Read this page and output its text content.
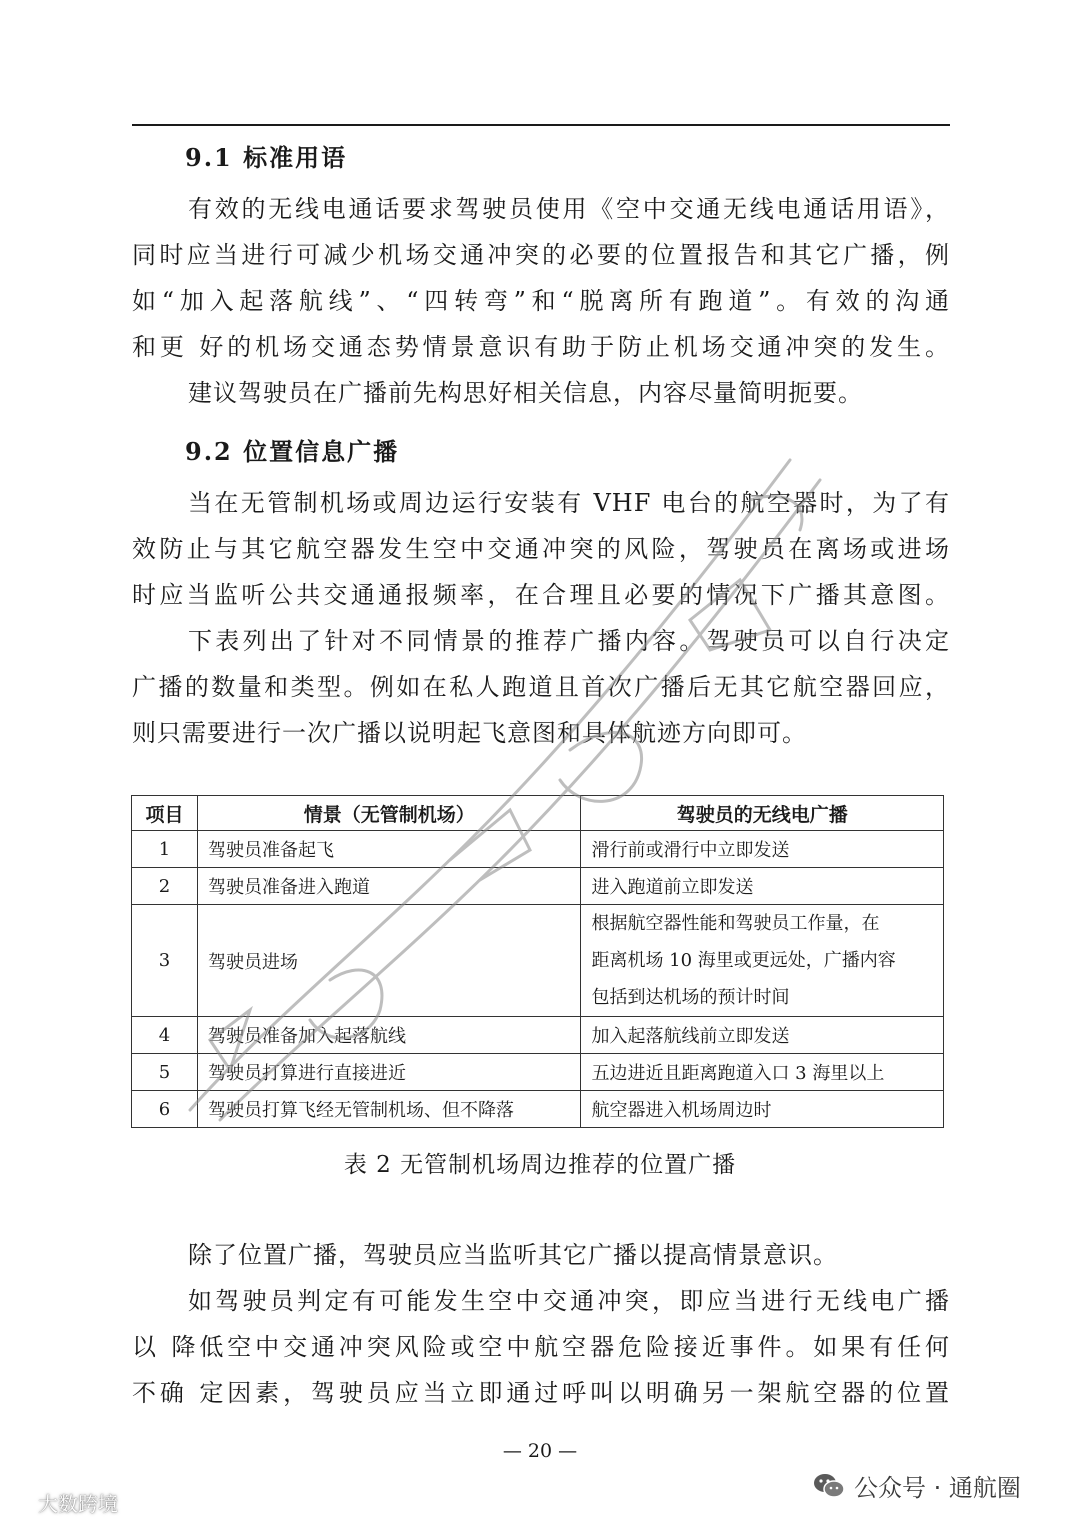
9.1 标准用语
有效的无线电通话要求驾驶员使用《空中交通无线电通话用语》，
同时应当进行可减少机场交通冲突的必要的位置报告和其它广播，例
如“加入起落航线”、“四转弯”和“脱离所有跑道”。有效的沟通
和更 好的机场交通态势情景意识有助于防止机场交通冲突的发生。
建议驾驶员在广播前先构思好相关信息，内容尽量简明扼要。
9.2 位置信息广播
当在无管制机场或周边运行安装有 VHF 电台的航空器时，为了有
效防止与其它航空器发生空中交通冲突的风险，驾驶员在离场或进场
时应当监听公共交通通报频率，在合理且必要的情况下广播其意图。
下表列出了针对不同情景的推荐广播内容。驾驶员可以自行决定
广播的数量和类型。例如在私人跑道且首次广播后无其它航空器回应，
则只需要进行一次广播以说明起飞意图和具体航迹方向即可。
项目	情景（无管制机场）	驾驶员的无线电广播
1	驾驶员准备起飞	滑行前或滑行中立即发送
2	驾驶员准备进入跑道	进入跑道前立即发送
3	驾驶员进场	根据航空器性能和驾驶员工作量，在
距离机场 10 海里或更远处，广播内容
包括到达机场的预计时间

4	驾驶员准备加入起落航线	加入起落航线前立即发送
5	驾驶员打算进行直接进近	五边进近且距离跑道入口 3 海里以上
6	驾驶员打算飞经无管制机场、但不降落	航空器进入机场周边时
表 2 无管制机场周边推荐的位置广播
除了位置广播，驾驶员应当监听其它广播以提高情景意识。
如驾驶员判定有可能发生空中交通冲突，即应当进行无线电广播
以 降低空中交通冲突风险或空中航空器危险接近事件。如果有任何
不确 定因素，驾驶员应当立即通过呼叫以明确另一架航空器的位置
— 20 —
大数跨境
公众号 · 通航圈
